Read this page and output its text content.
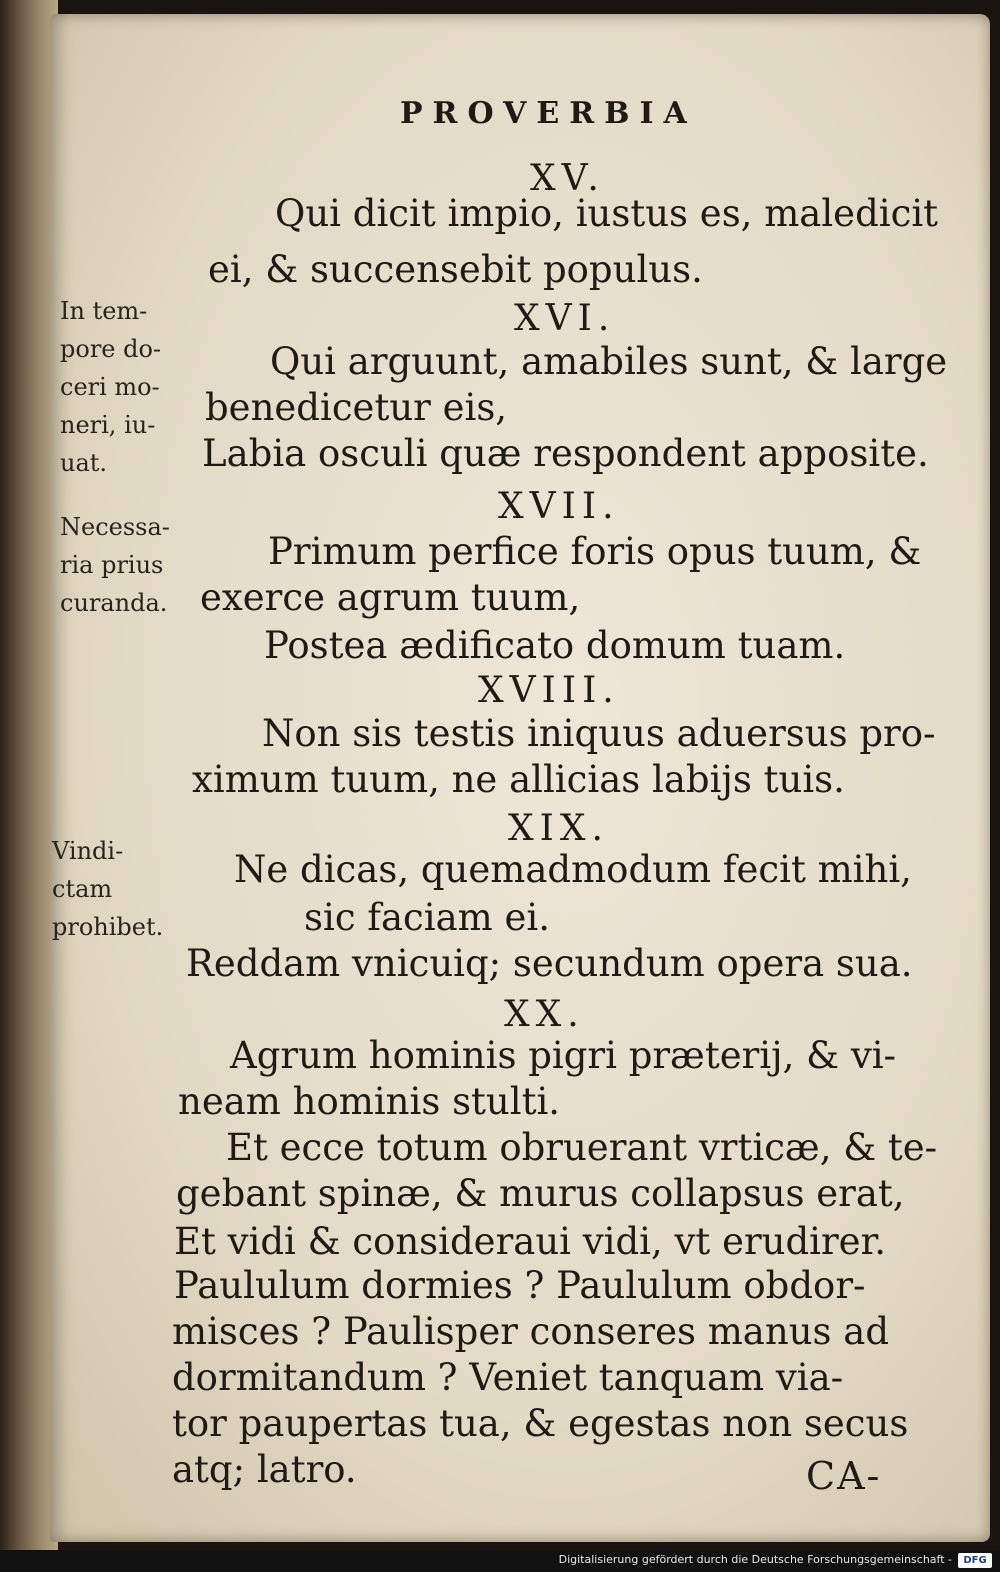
PROVERBIA
XV.
Qui dicit impio, iustus es, maledicit
ei, & succensebit populus.
XVI.
Qui arguunt, amabiles sunt, & large
benedicetur eis,
Labia osculi quæ respondent apposite.
XVII.
Primum perfice foris opus tuum, &
exerce agrum tuum,
Postea ædificato domum tuam.
XVIII.
Non sis testis iniquus aduersus pro-
ximum tuum, ne allicias labijs tuis.
XIX.
Ne dicas, quemadmodum fecit mihi,
sic faciam ei.
Reddam vnicuiq; secundum opera sua.
XX.
Agrum hominis pigri præterij, & vi-
neam hominis stulti.
Et ecce totum obruerant vrticæ, & te-
gebant spinæ, & murus collapsus erat,
Et vidi & consideraui vidi, vt erudirer.
Paululum dormies ? Paululum obdor-
misces ? Paulisper conseres manus ad
dormitandum ? Veniet tanquam via-
tor paupertas tua, & egestas non secus
atq; latro.	CA-
In tem-
pore do-
ceri mo-
neri, iu-
uat.
Necessa-
ria prius
curanda.
Vindi-
ctam
prohibet.
Digitalisierung gefördert durch die Deutsche Forschungsgemeinschaft -	DFG
